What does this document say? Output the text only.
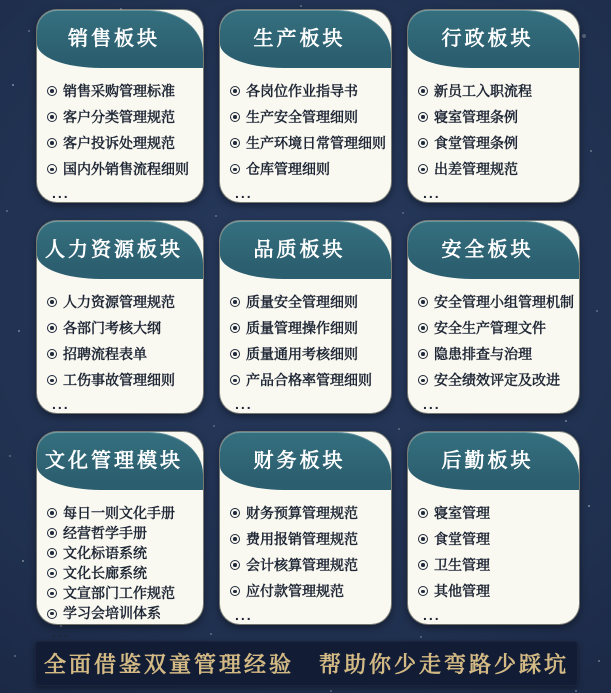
销售板块
销售采购管理标准
客户分类管理规范
客户投诉处理规范
国内外销售流程细则
...
生产板块
各岗位作业指导书
生产安全管理细则
生产环境日常管理细则
仓库管理细则
...
行政板块
新员工入职流程
寝室管理条例
食堂管理条例
出差管理规范
...
人力资源板块
人力资源管理规范
各部门考核大纲
招聘流程表单
工伤事故管理细则
...
品质板块
质量安全管理细则
质量管理操作细则
质量通用考核细则
产品合格率管理细则
...
安全板块
安全管理小组管理机制
安全生产管理文件
隐患排查与治理
安全绩效评定及改进
...
文化管理模块
每日一则文化手册
经营哲学手册
文化标语系统
文化长廊系统
文宣部门工作规范
学习会培训体系
...
财务板块
财务预算管理规范
费用报销管理规范
会计核算管理规范
应付款管理规范
...
后勤板块
寝室管理
食堂管理
卫生管理
其他管理
...
全面借鉴双童管理经验　帮助你少走弯路少踩坑
